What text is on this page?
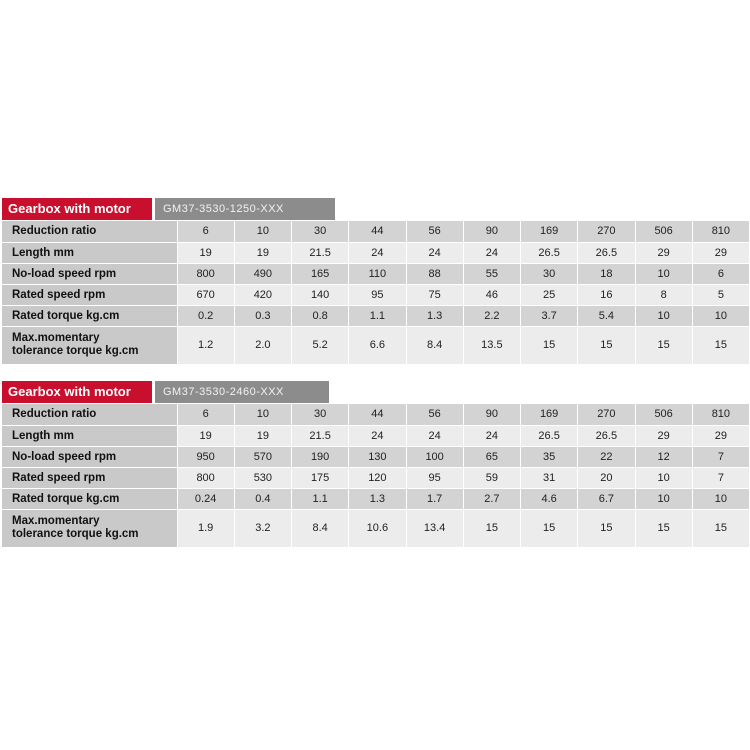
Gearbox with motor	GM37-3530-1250-XXX
Reduction ratio	6	10	30	44	56	90	169	270	506	810
Length mm	19	19	21.5	24	24	24	26.5	26.5	29	29
No-load speed rpm	800	490	165	110	88	55	30	18	10	6
Rated speed rpm	670	420	140	95	75	46	25	16	8	5
Rated torque kg.cm	0.2	0.3	0.8	1.1	1.3	2.2	3.7	5.4	10	10
Max.momentary
tolerance torque kg.cm	1.2	2.0	5.2	6.6	8.4	13.5	15	15	15	15
Gearbox with motor	GM37-3530-2460-XXX
Reduction ratio	6	10	30	44	56	90	169	270	506	810
Length mm	19	19	21.5	24	24	24	26.5	26.5	29	29
No-load speed rpm	950	570	190	130	100	65	35	22	12	7
Rated speed rpm	800	530	175	120	95	59	31	20	10	7
Rated torque kg.cm	0.24	0.4	1.1	1.3	1.7	2.7	4.6	6.7	10	10
Max.momentary
tolerance torque kg.cm	1.9	3.2	8.4	10.6	13.4	15	15	15	15	15
